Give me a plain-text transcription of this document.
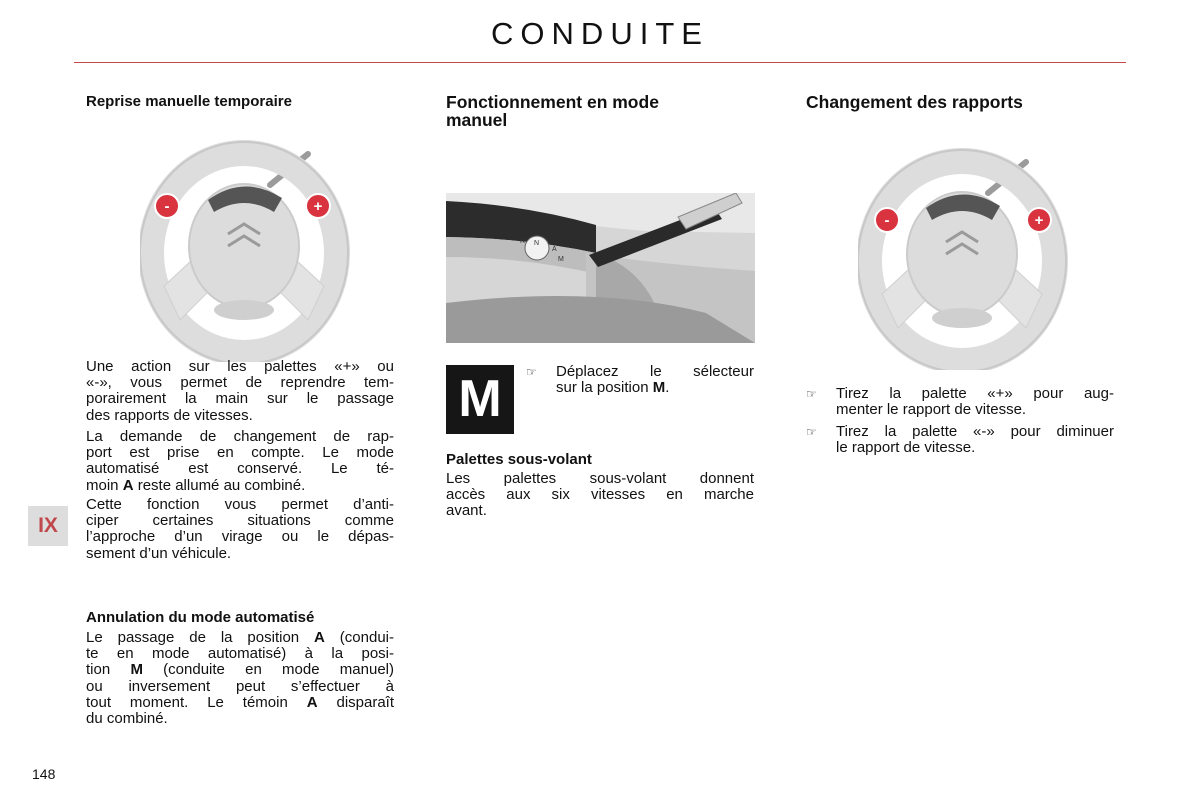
CONDUITE
Reprise manuelle temporaire
-	+
Une action sur les palettes «+» ou
«-», vous permet de reprendre tem-
porairement la main sur le passage
des rapports de vitesses.
La demande de changement de rap-
port est prise en compte. Le mode
automatisé est conservé. Le té-
moin A reste allumé au combiné.
Cette fonction vous permet d’anti-
ciper certaines situations comme
l’approche d’un virage ou le dépas-
sement d’un véhicule.
Annulation du mode automatisé
Le passage de la position A (condui-
te en mode automatisé) à la posi-
tion M (conduite en mode manuel)
ou inversement peut s’effectuer à
tout moment. Le témoin A disparaît
du combiné.
Fonctionnement en mode
manuel
R N
A
M
M	☞ Déplacez le sélecteur
sur la position M.
Palettes sous-volant
Les palettes sous-volant donnent
accès aux six vitesses en marche
avant.
Changement des rapports
-	+
☞ Tirez la palette «+» pour aug-
menter le rapport de vitesse.
☞ Tirez la palette «-» pour diminuer
le rapport de vitesse.
IX
148
